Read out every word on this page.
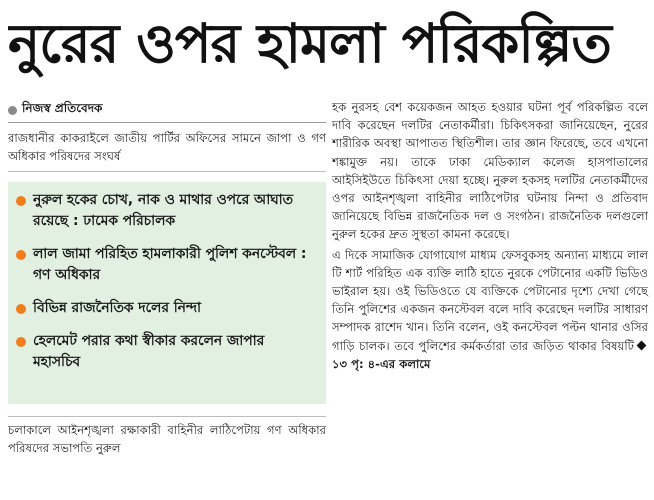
নুরের ওপর হামলা পরিকল্পিত
নিজস্ব প্রতিবেদক
রাজধানীর কাকরাইলে জাতীয় পার্টির অফিসের সামনে জাপা ও গণ অধিকার পরিষদের সংঘর্ষ
নুরুল হকের চোখ, নাক ও মাথার ওপরে আঘাত রয়েছে : ঢামেক পরিচালক
লাল জামা পরিহিত হামলাকারী পুলিশ কনস্টেবল : গণ অধিকার
বিভিন্ন রাজনৈতিক দলের নিন্দা
হেলমেট পরার কথা স্বীকার করলেন জাপার মহাসচিব
চলাকালে আইনশৃঙ্খলা রক্ষাকারী বাহিনীর লাঠিপেটায় গণ অধিকার পরিষদের সভাপতি নুরুল

হক নুরসহ বেশ কয়েকজন আহত হওয়ার ঘটনা পূর্ব পরিকল্পিত বলে দাবি করেছেন দলটির নেতাকর্মীরা। চিকিৎসকরা জানিয়েছেন, নুরের শারীরিক অবস্থা আপাতত স্থিতিশীল। তার জ্ঞান ফিরেছে, তবে এখনো শঙ্কামুক্ত নয়। তাকে ঢাকা মেডিক্যাল কলেজ হাসপাতালের আইসিইউতে চিকিৎসা দেয়া হচ্ছে। নুরুল হকসহ দলটির নেতাকর্মীদের ওপর আইনশৃঙ্খলা বাহিনীর লাঠিপেটার ঘটনায় নিন্দা ও প্রতিবাদ জানিয়েছে বিভিন্ন রাজনৈতিক দল ও সংগঠন। রাজনৈতিক দলগুলো নুরুল হকের দ্রুত সুস্থতা কামনা করেছে।

এ দিকে সামাজিক যোগাযোগ মাধ্যম ফেসবুকসহ অন্যান্য মাধ্যমে লাল টি শার্ট পরিহিত এক ব্যক্তি লাঠি হাতে নুরকে পেটানোর একটি ভিডিও ভাইরাল হয়। ওই ভিডিওতে যে ব্যক্তিকে পেটানোর দৃশ্যে দেখা গেছে তিনি পুলিশের একজন কনস্টেবল বলে দাবি করেছেন দলটির সাধারণ সম্পাদক রাশেদ খান। তিনি বলেন, ওই কনস্টেবল পল্টন থানার ওসির গাড়ি চালক। তবে পুলিশের কর্মকর্তারা তার জড়িত থাকার বিষয়টি১৩ পৃ: ৪-এর কলামে
